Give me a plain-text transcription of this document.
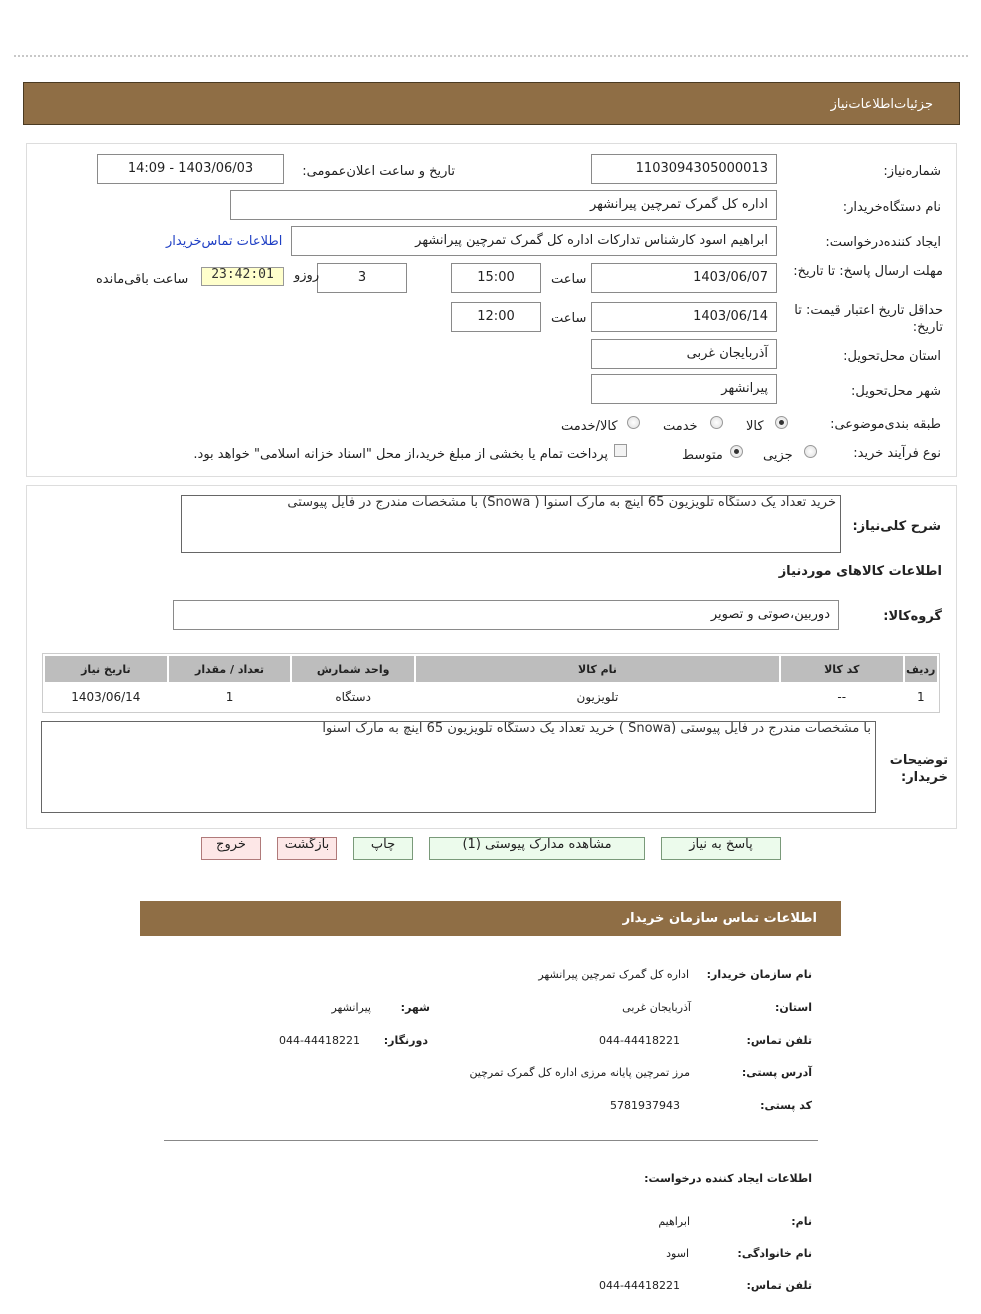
جزئیات‌اطلاعات‌نیاز
شماره‌نیاز:
1103094305000013
تاریخ و ساعت اعلان‌عمومی:
1403/06/03 - 14:09
نام دستگاه‌خریدار:
اداره کل گمرک تمرچین پیرانشهر
ایجاد کننده‌درخواست:
ابراهیم اسود کارشناس تدارکات اداره کل گمرک تمرچین پیرانشهر
اطلاعات تماس‌خریدار
مهلت ارسال پاسخ: تا تاریخ:
1403/06/07
ساعت
15:00
3
روزو
23:42:01
ساعت باقی‌مانده
حداقل تاریخ اعتبار قیمت: تا تاریخ:
1403/06/14
ساعت
12:00
استان محل‌تحویل:
آذربایجان غربی
شهر محل‌تحویل:
پیرانشهر
طبقه بندی‌موضوعی:
کالا
خدمت
کالا/خدمت
نوع فرآیند خرید:
جزیی
متوسط
پرداخت تمام یا بخشی از مبلغ خرید،از محل "اسناد خزانه اسلامی" خواهد بود.
شرح کلی‌نیاز:
خرید تعداد یک دستگاه تلویزیون 65 اینچ به مارک اسنوا ( Snowa) با مشخصات مندرج در فایل پیوستی
اطلاعات کالاهای مورد‌نیاز
گروه‌کالا:
دوربین،صوتی و تصویر
ردیف	کد کالا	نام کالا	واحد شمارش	تعداد / مقدار	تاریخ نیاز
1	--	تلویزیون	دستگاه	1	1403/06/14
توضیحات خریدار:
با مشخصات مندرج در فایل پیوستی (Snowa ) خرید تعداد یک دستگاه تلویزیون 65 اینچ به مارک اسنوا
پاسخ به نیاز
مشاهده مدارک پیوستی (1)
چاپ
بازگشت
خروج
اطلاعات تماس سازمان خریدار
نام سازمان خریدار:
اداره کل گمرک تمرچین پیرانشهر
استان:
آذربایجان غربی
شهر:
پیرانشهر
تلفن تماس:
044-44418221
دورنگار:
044-44418221
آدرس پستی:
مرز تمرچین پایانه مرزی اداره کل گمرک تمرچین
کد پستی:
5781937943
اطلاعات ایجاد کننده درخواست:
نام:
ابراهیم
نام خانوادگی:
اسود
تلفن تماس:
044-44418221
